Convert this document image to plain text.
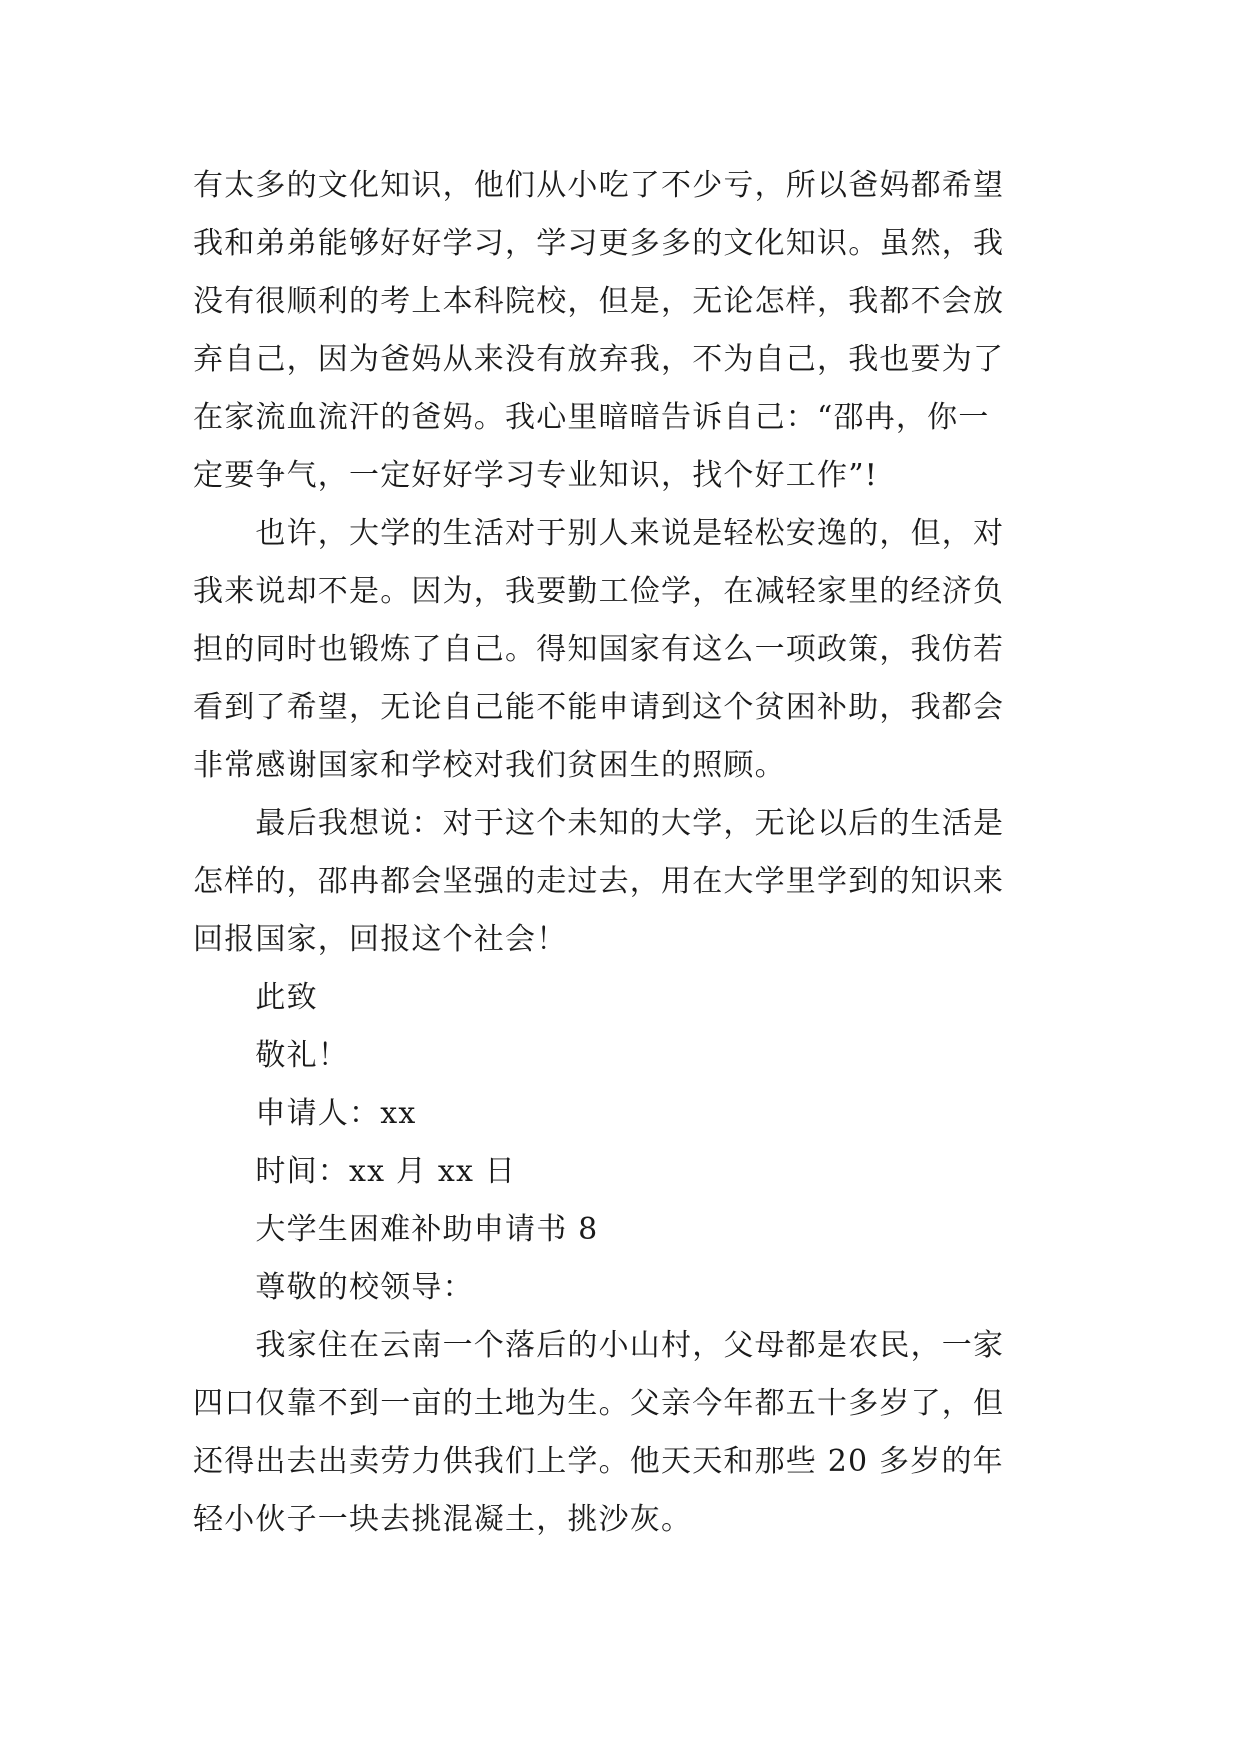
有太多的文化知识，他们从小吃了不少亏，所以爸妈都希望
我和弟弟能够好好学习，学习更多多的文化知识。虽然，我
没有很顺利的考上本科院校，但是，无论怎样，我都不会放
弃自己，因为爸妈从来没有放弃我，不为自己，我也要为了
在家流血流汗的爸妈。我心里暗暗告诉自己：“邵冉，你一
定要争气，一定好好学习专业知识，找个好工作”!

　　也许，大学的生活对于别人来说是轻松安逸的，但，对
我来说却不是。因为，我要勤工俭学，在减轻家里的经济负
担的同时也锻炼了自己。得知国家有这么一项政策，我仿若
看到了希望，无论自己能不能申请到这个贫困补助，我都会
非常感谢国家和学校对我们贫困生的照顾。

　　最后我想说：对于这个未知的大学，无论以后的生活是
怎样的，邵冉都会坚强的走过去，用在大学里学到的知识来
回报国家，回报这个社会！

　　此致
　　敬礼！
　　申请人：xx
　　时间：xx 月 xx 日
　　大学生困难补助申请书 8
　　尊敬的校领导：
　　我家住在云南一个落后的小山村，父母都是农民，一家
四口仅靠不到一亩的土地为生。父亲今年都五十多岁了，但
还得出去出卖劳力供我们上学。他天天和那些 20 多岁的年
轻小伙子一块去挑混凝土，挑沙灰。
